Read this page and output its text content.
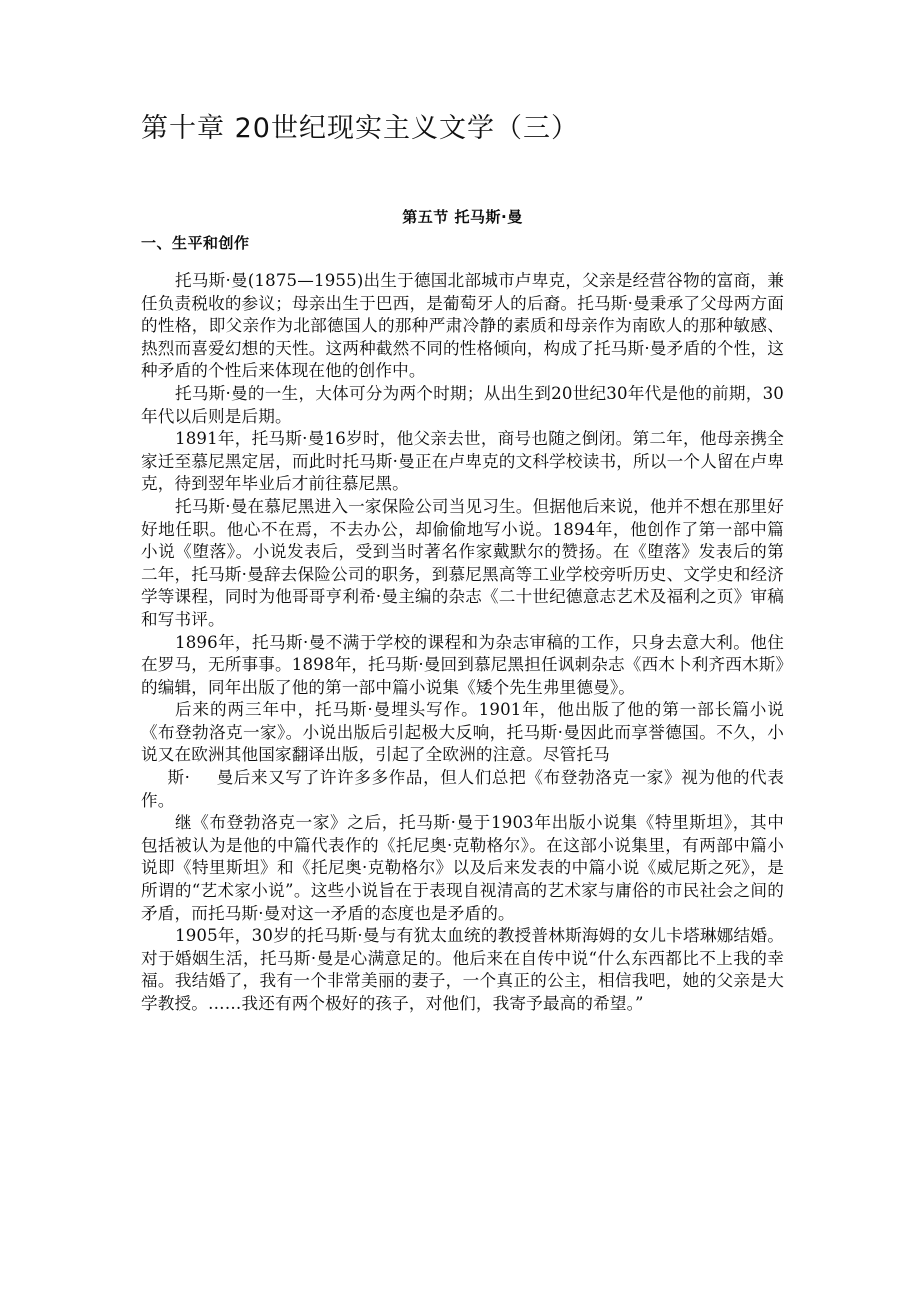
第十章 20世纪现实主义文学（三）
第五节 托马斯·曼
一、生平和创作

托马斯·曼(1875—1955)出生于德国北部城市卢卑克，父亲是经营谷物的富商，兼任负责税收的参议；母亲出生于巴西，是葡萄牙人的后裔。托马斯·曼秉承了父母两方面的性格，即父亲作为北部德国人的那种严肃冷静的素质和母亲作为南欧人的那种敏感、热烈而喜爱幻想的天性。这两种截然不同的性格倾向，构成了托马斯·曼矛盾的个性，这种矛盾的个性后来体现在他的创作中。

托马斯·曼的一生，大体可分为两个时期；从出生到20世纪30年代是他的前期，30年代以后则是后期。

1891年，托马斯·曼16岁时，他父亲去世，商号也随之倒闭。第二年，他母亲携全家迁至慕尼黑定居，而此时托马斯·曼正在卢卑克的文科学校读书，所以一个人留在卢卑克，待到翌年毕业后才前往慕尼黑。

托马斯·曼在慕尼黑进入一家保险公司当见习生。但据他后来说，他并不想在那里好好地任职。他心不在焉，不去办公，却偷偷地写小说。1894年，他创作了第一部中篇小说《堕落》。小说发表后，受到当时著名作家戴默尔的赞扬。在《堕落》发表后的第二年，托马斯·曼辞去保险公司的职务，到慕尼黑高等工业学校旁听历史、文学史和经济学等课程，同时为他哥哥亨利希·曼主编的杂志《二十世纪德意志艺术及福利之页》审稿和写书评。

1896年，托马斯·曼不满于学校的课程和为杂志审稿的工作，只身去意大利。他住在罗马，无所事事。1898年，托马斯·曼回到慕尼黑担任讽刺杂志《西木卜利齐西木斯》的编辑，同年出版了他的第一部中篇小说集《矮个先生弗里德曼》。

后来的两三年中，托马斯·曼埋头写作。1901年，他出版了他的第一部长篇小说《布登勃洛克一家》。小说出版后引起极大反响，托马斯·曼因此而享誉德国。不久，小说又在欧洲其他国家翻译出版，引起了全欧洲的注意。尽管托马
斯· 曼后来又写了许许多多作品，但人们总把《布登勃洛克一家》视为他的代表作。

继《布登勃洛克一家》之后，托马斯·曼于1903年出版小说集《特里斯坦》，其中包括被认为是他的中篇代表作的《托尼奥·克勒格尔》。在这部小说集里，有两部中篇小说即《特里斯坦》和《托尼奥·克勒格尔》以及后来发表的中篇小说《威尼斯之死》，是所谓的“艺术家小说”。这些小说旨在于表现自视清高的艺术家与庸俗的市民社会之间的矛盾，而托马斯·曼对这一矛盾的态度也是矛盾的。

1905年，30岁的托马斯·曼与有犹太血统的教授普林斯海姆的女儿卡塔琳娜结婚。对于婚姻生活，托马斯·曼是心满意足的。他后来在自传中说“什么东西都比不上我的幸福。我结婚了，我有一个非常美丽的妻子，一个真正的公主，相信我吧，她的父亲是大学教授。……我还有两个极好的孩子，对他们，我寄予最高的希望。”
